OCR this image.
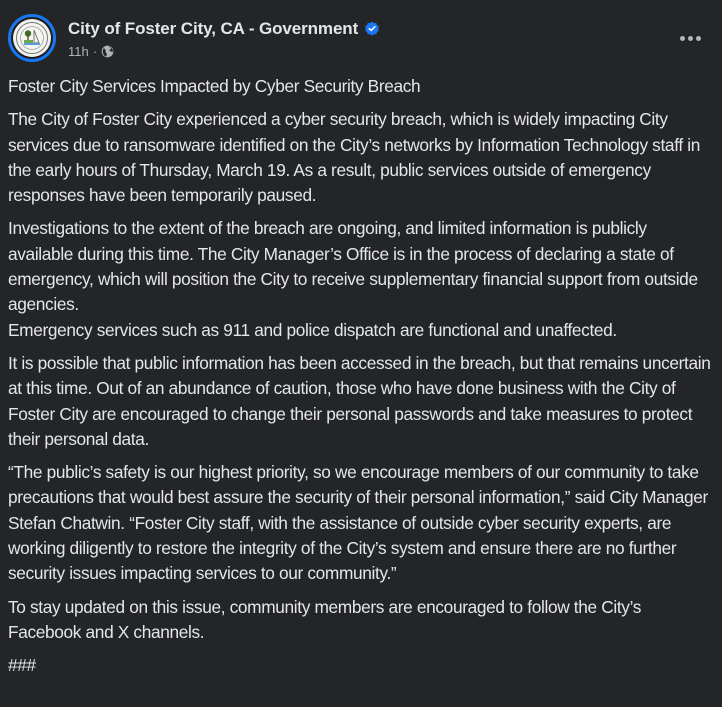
City of Foster City, CA - Government
11h ·

Foster City Services Impacted by Cyber Security Breach

The City of Foster City experienced a cyber security breach, which is widely impacting City services due to ransomware identified on the City’s networks by Information Technology staff in the early hours of Thursday, March 19. As a result, public services outside of emergency responses have been temporarily paused.

Investigations to the extent of the breach are ongoing, and limited information is publicly available during this time. The City Manager’s Office is in the process of declaring a state of emergency, which will position the City to receive supplementary financial support from outside agencies.

Emergency services such as 911 and police dispatch are functional and unaffected.

It is possible that public information has been accessed in the breach, but that remains uncertain at this time. Out of an abundance of caution, those who have done business with the City of Foster City are encouraged to change their personal passwords and take measures to protect their personal data.

“The public’s safety is our highest priority, so we encourage members of our community to take precautions that would best assure the security of their personal information,” said City Manager Stefan Chatwin. “Foster City staff, with the assistance of outside cyber security experts, are working diligently to restore the integrity of the City’s system and ensure there are no further security issues impacting services to our community.”

To stay updated on this issue, community members are encouraged to follow the City’s Facebook and X channels.

###
